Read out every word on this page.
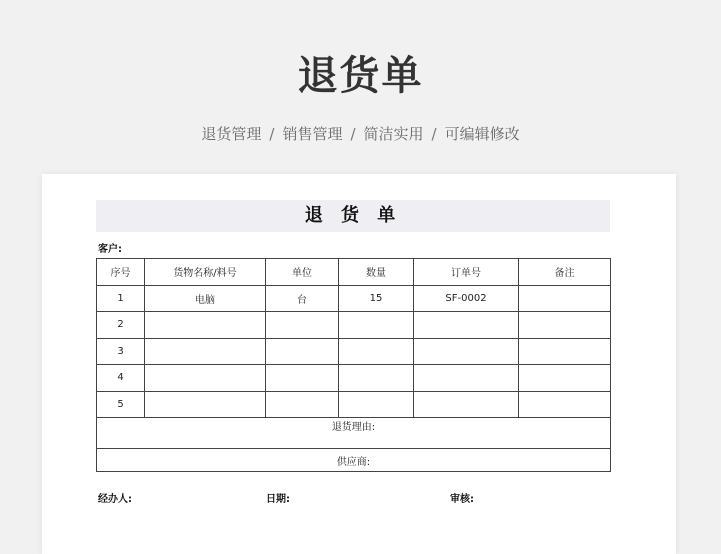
退货单
退货管理 / 销售管理 / 简洁实用 / 可编辑修改
退 货 单
客户:
序号	货物名称/料号	单位	数量	订单号	备注
1	电脑	台	15	SF-0002	
2					
3					
4					
5					
退货理由:					
供应商:					
经办人:	日期:	审核:
